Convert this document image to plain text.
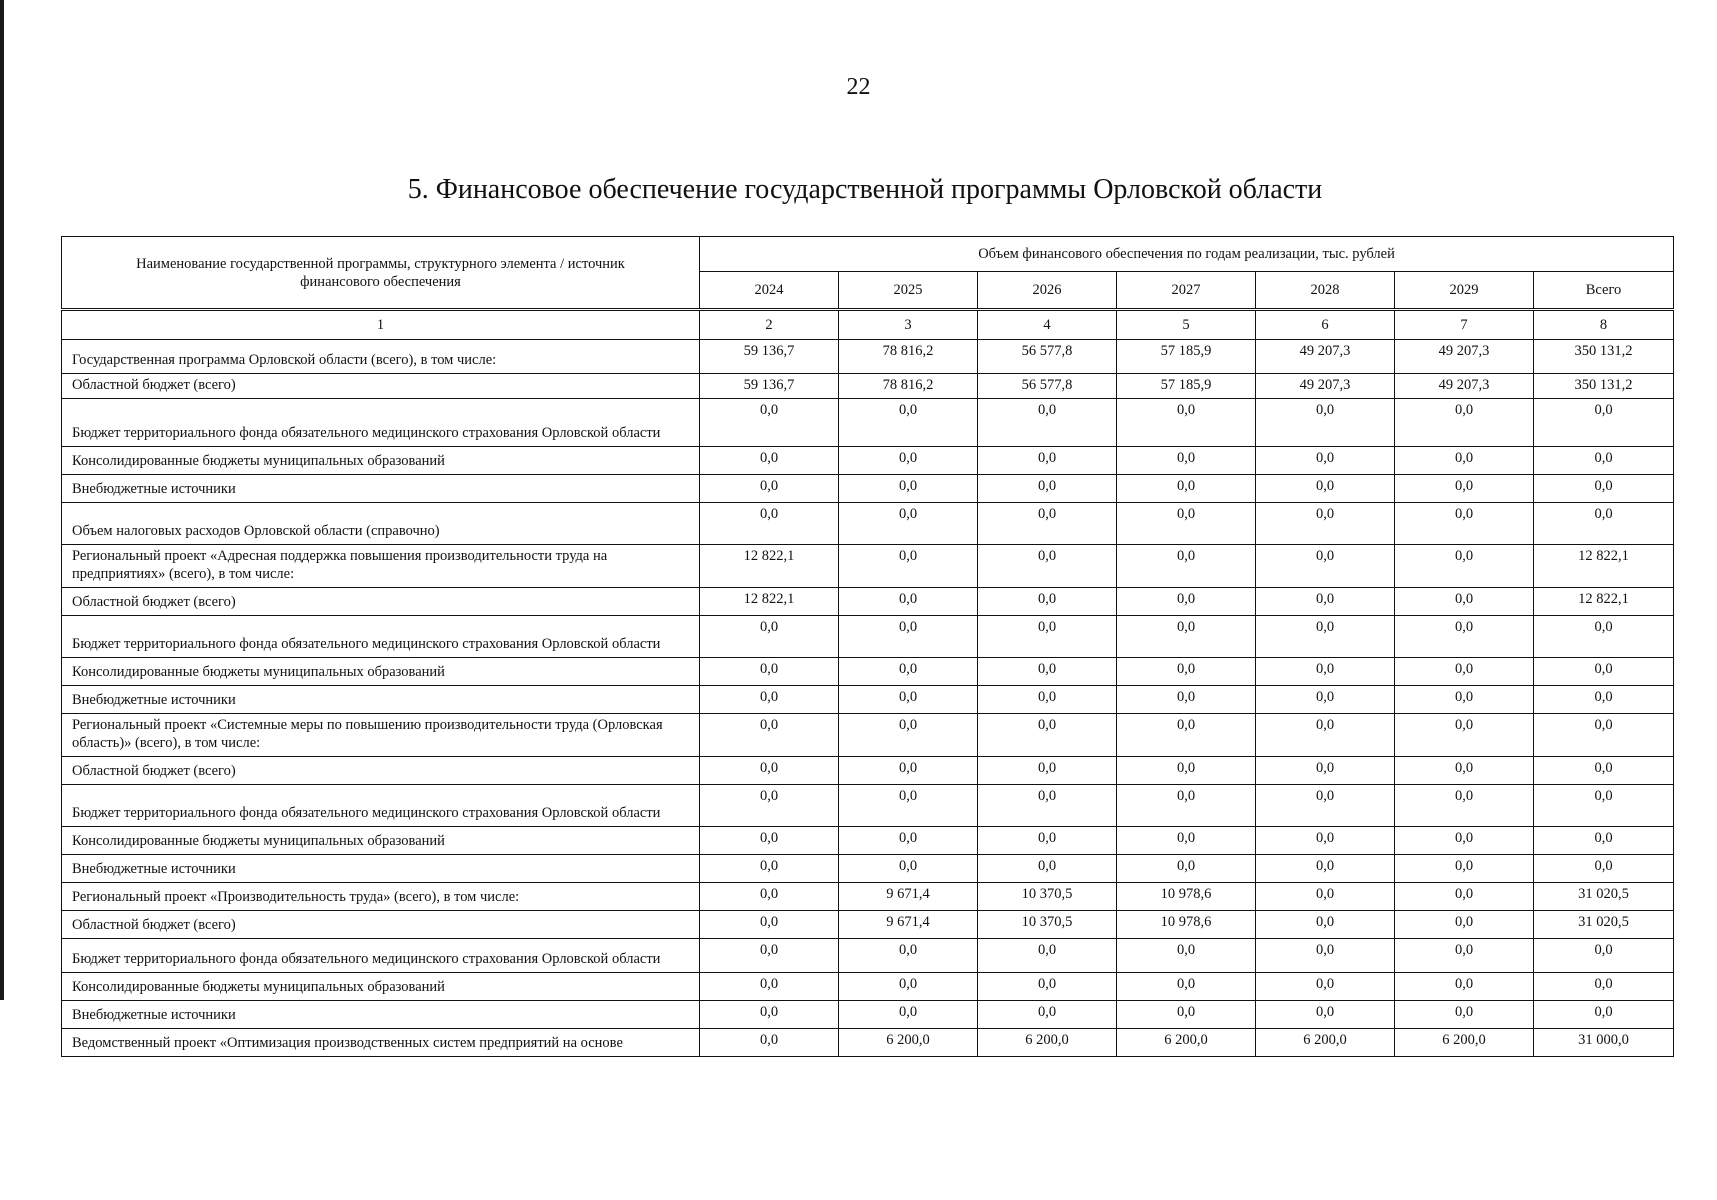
22
5. Финансовое обеспечение государственной программы Орловской области
Наименование государственной программы, структурного элемента / источник финансового обеспечения	Объем финансового обеспечения по годам реализации, тыс. рублей						
	2024	2025	2026	2027	2028	2029	Всего
1	2	3	4	5	6	7	8
Государственная программа Орловской области (всего), в том числе:	59 136,7	78 816,2	56 577,8	57 185,9	49 207,3	49 207,3	350 131,2
Областной бюджет (всего)	59 136,7	78 816,2	56 577,8	57 185,9	49 207,3	49 207,3	350 131,2
Бюджет территориального фонда обязательного медицинского страхования Орловской области	0,0	0,0	0,0	0,0	0,0	0,0	0,0
Консолидированные бюджеты муниципальных образований	0,0	0,0	0,0	0,0	0,0	0,0	0,0
Внебюджетные источники	0,0	0,0	0,0	0,0	0,0	0,0	0,0
Объем налоговых расходов Орловской области (справочно)	0,0	0,0	0,0	0,0	0,0	0,0	0,0
Региональный проект «Адресная поддержка повышения производительности труда на предприятиях» (всего), в том числе:	12 822,1	0,0	0,0	0,0	0,0	0,0	12 822,1
Областной бюджет (всего)	12 822,1	0,0	0,0	0,0	0,0	0,0	12 822,1
Бюджет территориального фонда обязательного медицинского страхования Орловской области	0,0	0,0	0,0	0,0	0,0	0,0	0,0
Консолидированные бюджеты муниципальных образований	0,0	0,0	0,0	0,0	0,0	0,0	0,0
Внебюджетные источники	0,0	0,0	0,0	0,0	0,0	0,0	0,0
Региональный проект «Системные меры по повышению производительности труда (Орловская область)» (всего), в том числе:	0,0	0,0	0,0	0,0	0,0	0,0	0,0
Областной бюджет (всего)	0,0	0,0	0,0	0,0	0,0	0,0	0,0
Бюджет территориального фонда обязательного медицинского страхования Орловской области	0,0	0,0	0,0	0,0	0,0	0,0	0,0
Консолидированные бюджеты муниципальных образований	0,0	0,0	0,0	0,0	0,0	0,0	0,0
Внебюджетные источники	0,0	0,0	0,0	0,0	0,0	0,0	0,0
Региональный проект «Производительность труда» (всего), в том числе:	0,0	9 671,4	10 370,5	10 978,6	0,0	0,0	31 020,5
Областной бюджет (всего)	0,0	9 671,4	10 370,5	10 978,6	0,0	0,0	31 020,5
Бюджет территориального фонда обязательного медицинского страхования Орловской области	0,0	0,0	0,0	0,0	0,0	0,0	0,0
Консолидированные бюджеты муниципальных образований	0,0	0,0	0,0	0,0	0,0	0,0	0,0
Внебюджетные источники	0,0	0,0	0,0	0,0	0,0	0,0	0,0
Ведомственный проект «Оптимизация производственных систем предприятий на основе	0,0	6 200,0	6 200,0	6 200,0	6 200,0	6 200,0	31 000,0
